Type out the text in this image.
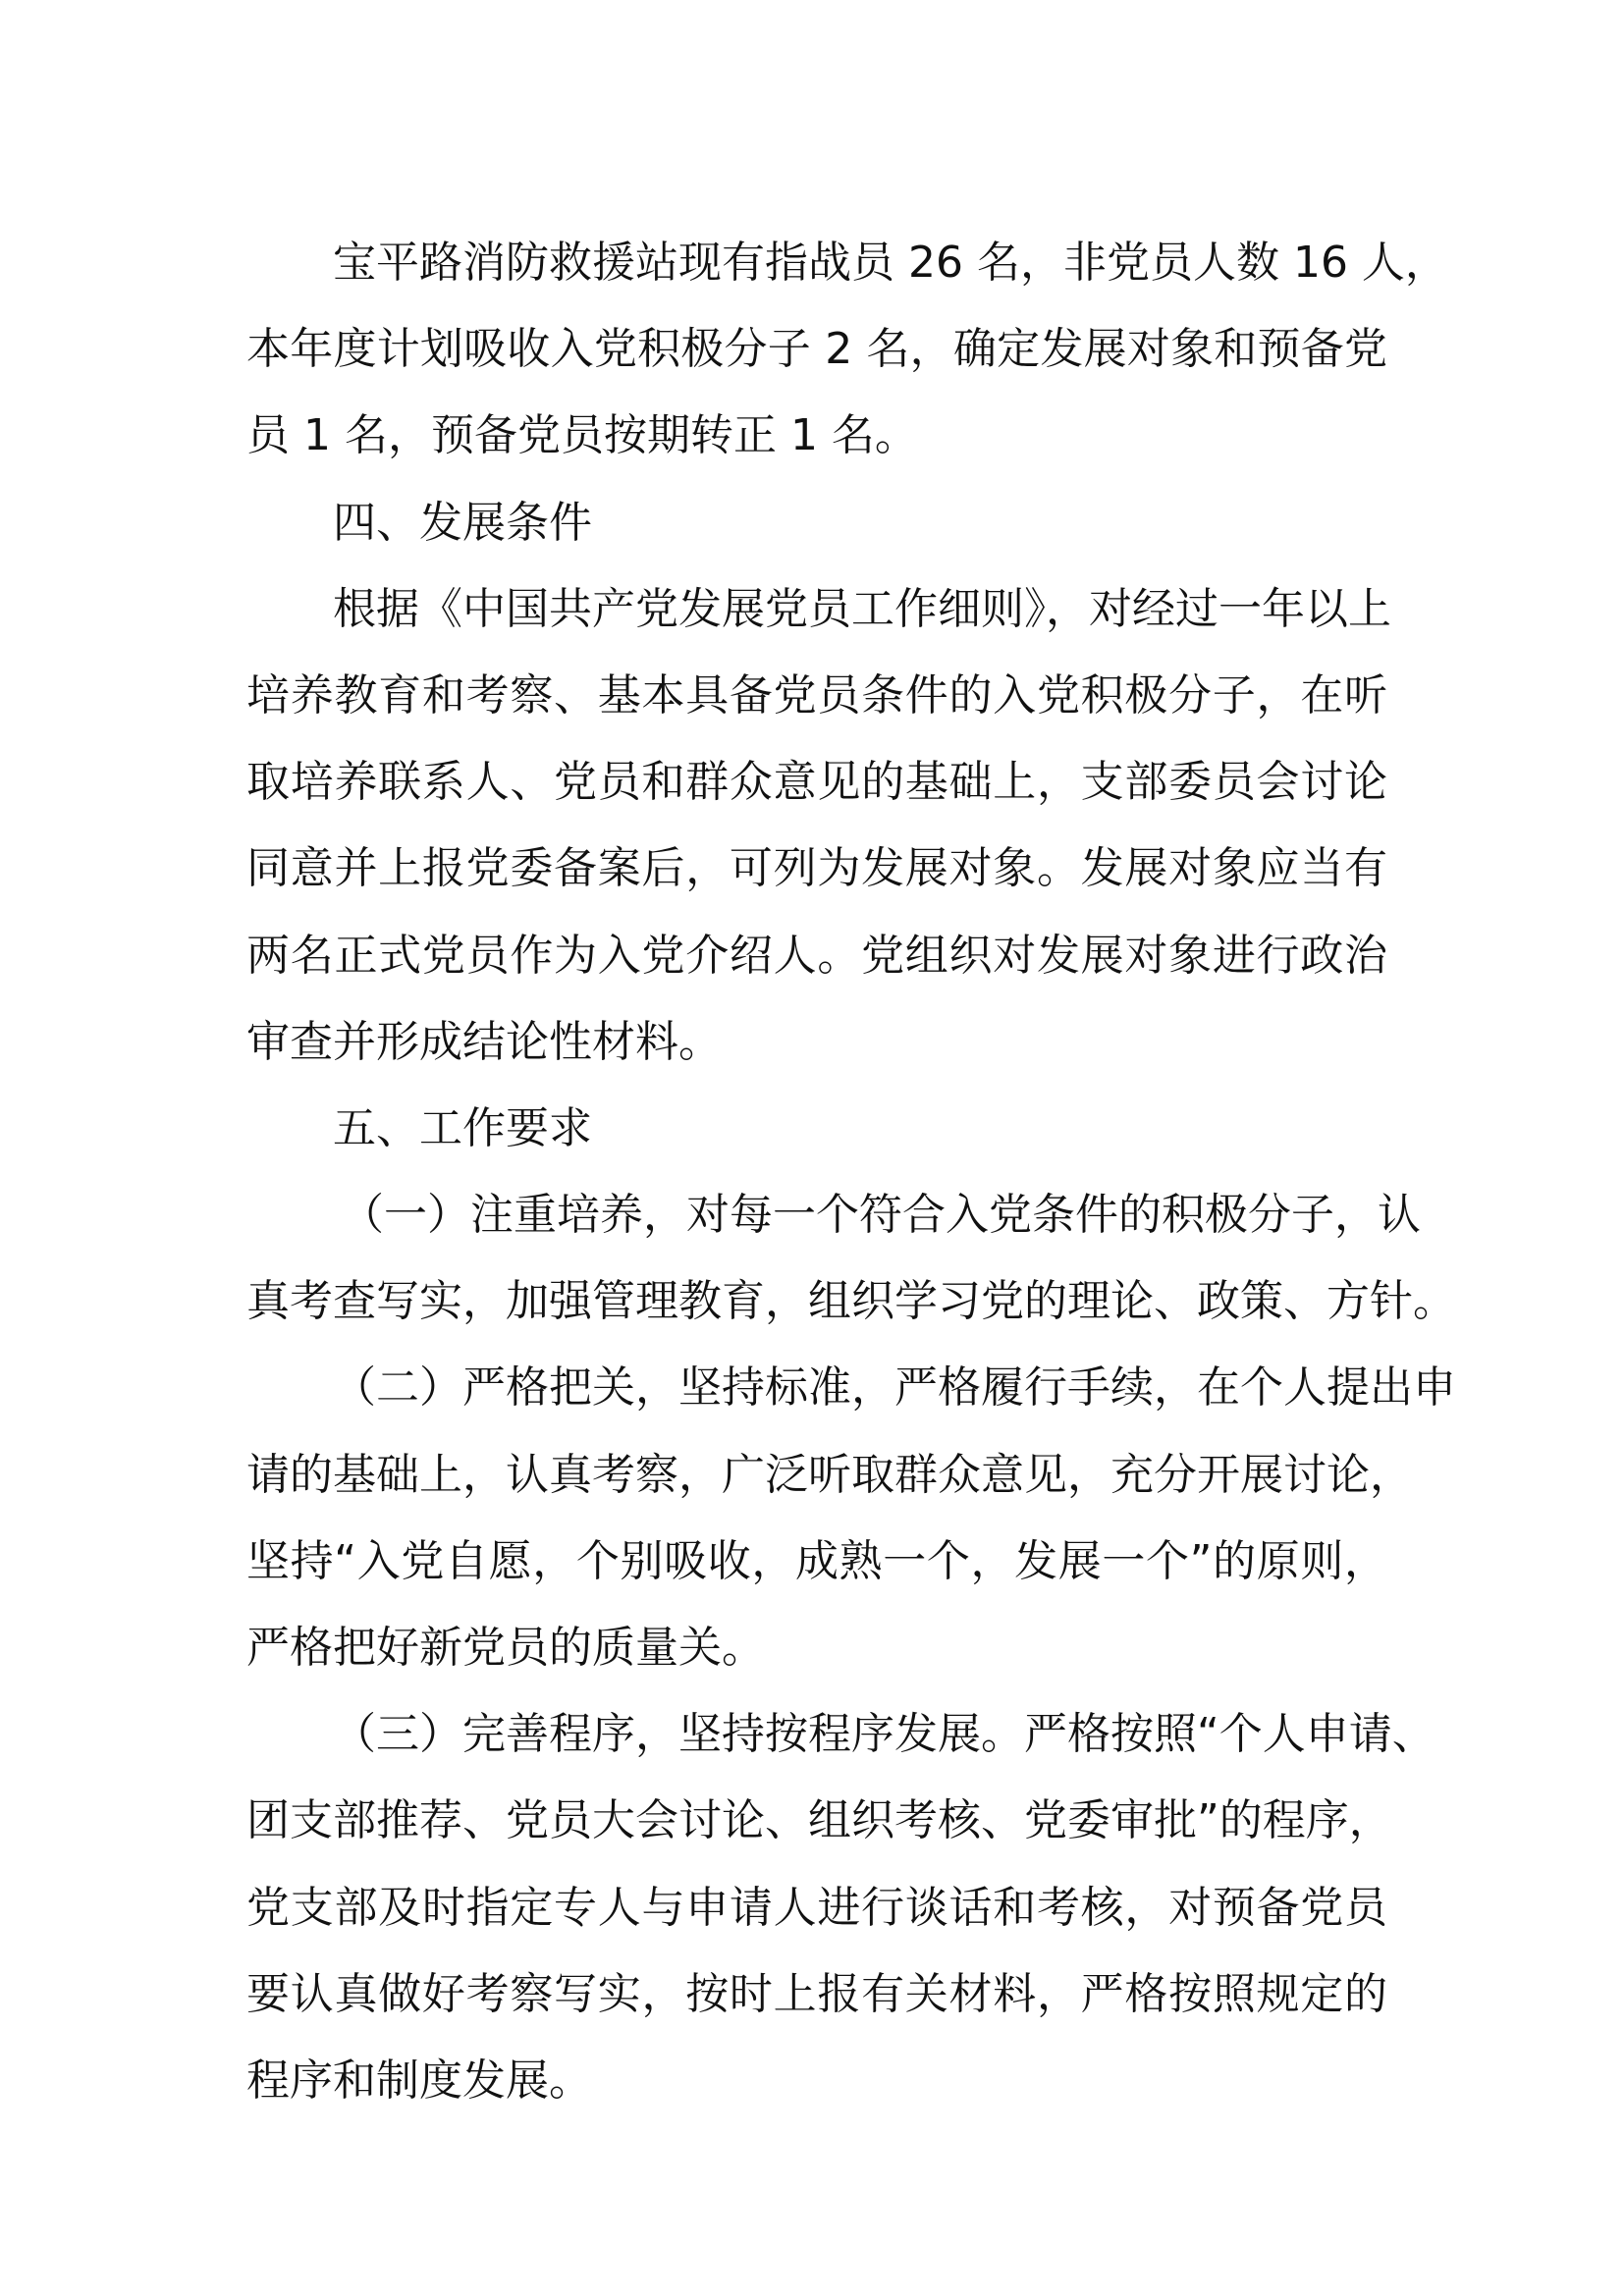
宝平路消防救援站现有指战员 26 名，非党员人数 16 人，
本年度计划吸收入党积极分子 2 名，确定发展对象和预备党
员 1 名，预备党员按期转正 1 名。
四、发展条件
根据《中国共产党发展党员工作细则》，对经过一年以上
培养教育和考察、基本具备党员条件的入党积极分子，在听
取培养联系人、党员和群众意见的基础上，支部委员会讨论
同意并上报党委备案后，可列为发展对象。发展对象应当有
两名正式党员作为入党介绍人。党组织对发展对象进行政治
审查并形成结论性材料。
五、工作要求
（一）注重培养，对每一个符合入党条件的积极分子，认
真考查写实，加强管理教育，组织学习党的理论、政策、方针。
（二）严格把关，坚持标准，严格履行手续，在个人提出申
请的基础上，认真考察，广泛听取群众意见，充分开展讨论，
坚持“入党自愿，个别吸收，成熟一个，发展一个”的原则，
严格把好新党员的质量关。
（三）完善程序，坚持按程序发展。严格按照“个人申请、
团支部推荐、党员大会讨论、组织考核、党委审批”的程序，
党支部及时指定专人与申请人进行谈话和考核，对预备党员
要认真做好考察写实，按时上报有关材料，严格按照规定的
程序和制度发展。
